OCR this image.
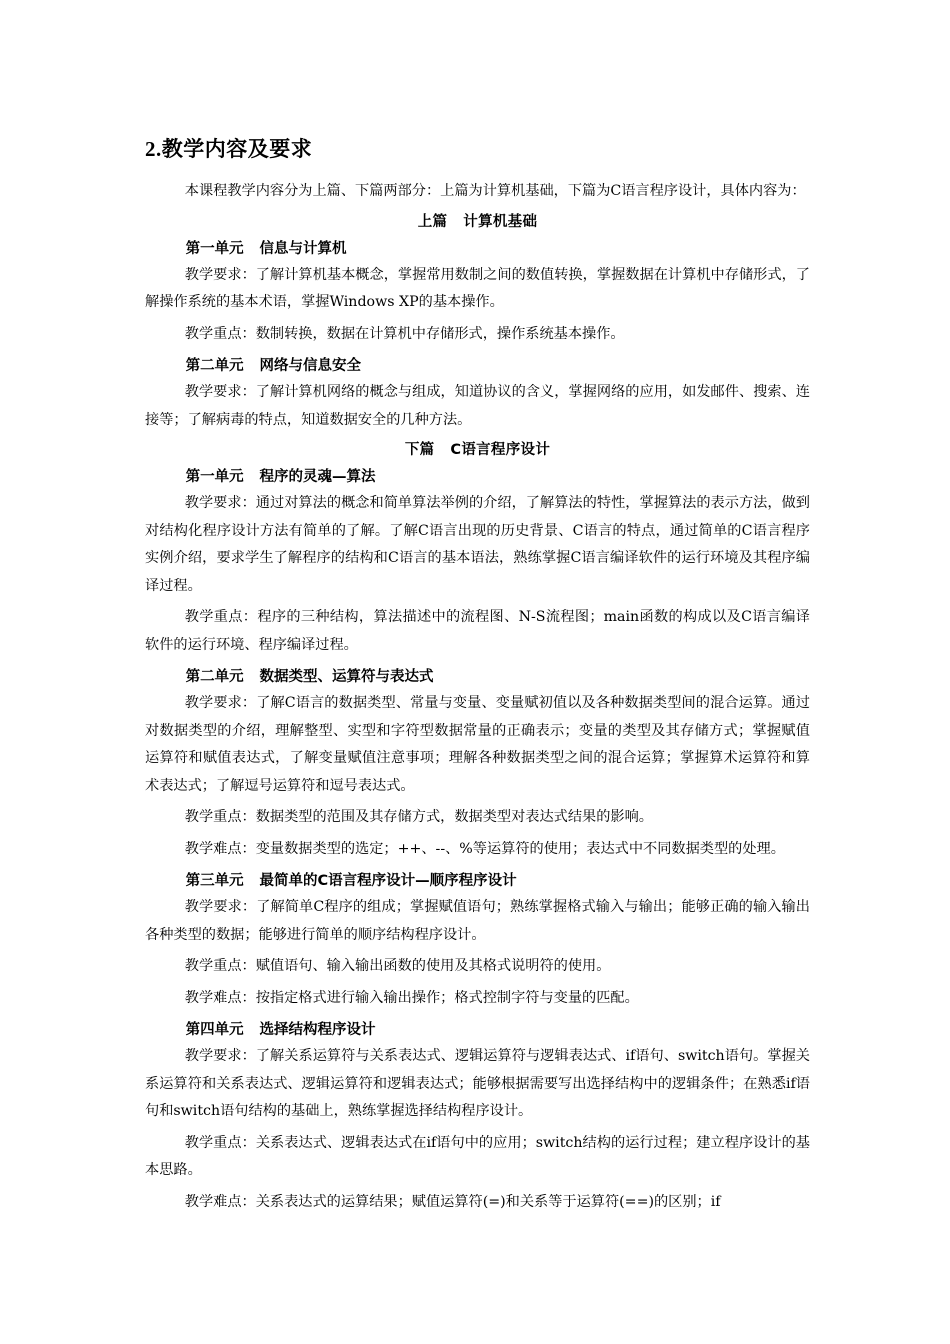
2.教学内容及要求

本课程教学内容分为上篇、下篇两部分：上篇为计算机基础，下篇为C语言程序设计，具体内容为：

上篇 计算机基础
第一单元 信息与计算机

教学要求：了解计算机基本概念，掌握常用数制之间的数值转换，掌握数据在计算机中存储形式，了解操作系统的基本术语，掌握Windows XP的基本操作。

教学重点：数制转换，数据在计算机中存储形式，操作系统基本操作。

第二单元 网络与信息安全

教学要求：了解计算机网络的概念与组成，知道协议的含义，掌握网络的应用，如发邮件、搜索、连接等；了解病毒的特点，知道数据安全的几种方法。

下篇 C语言程序设计
第一单元 程序的灵魂—算法

教学要求：通过对算法的概念和简单算法举例的介绍，了解算法的特性，掌握算法的表示方法，做到对结构化程序设计方法有简单的了解。了解C语言出现的历史背景、C语言的特点，通过简单的C语言程序实例介绍，要求学生了解程序的结构和C语言的基本语法，熟练掌握C语言编译软件的运行环境及其程序编译过程。

教学重点：程序的三种结构，算法描述中的流程图、N-S流程图；main函数的构成以及C语言编译软件的运行环境、程序编译过程。

第二单元 数据类型、运算符与表达式

教学要求：了解C语言的数据类型、常量与变量、变量赋初值以及各种数据类型间的混合运算。通过对数据类型的介绍，理解整型、实型和字符型数据常量的正确表示；变量的类型及其存储方式；掌握赋值运算符和赋值表达式，了解变量赋值注意事项；理解各种数据类型之间的混合运算；掌握算术运算符和算术表达式；了解逗号运算符和逗号表达式。

教学重点：数据类型的范围及其存储方式，数据类型对表达式结果的影响。

教学难点：变量数据类型的选定；++、--、%等运算符的使用；表达式中不同数据类型的处理。

第三单元 最简单的C语言程序设计—顺序程序设计

教学要求：了解简单C程序的组成；掌握赋值语句；熟练掌握格式输入与输出；能够正确的输入输出各种类型的数据；能够进行简单的顺序结构程序设计。

教学重点：赋值语句、输入输出函数的使用及其格式说明符的使用。

教学难点：按指定格式进行输入输出操作；格式控制字符与变量的匹配。

第四单元 选择结构程序设计

教学要求：了解关系运算符与关系表达式、逻辑运算符与逻辑表达式、if语句、switch语句。掌握关系运算符和关系表达式、逻辑运算符和逻辑表达式；能够根据需要写出选择结构中的逻辑条件；在熟悉if语句和switch语句结构的基础上，熟练掌握选择结构程序设计。

教学重点：关系表达式、逻辑表达式在if语句中的应用；switch结构的运行过程；建立程序设计的基本思路。

教学难点：关系表达式的运算结果；赋值运算符(=)和关系等于运算符(==)的区别；if
